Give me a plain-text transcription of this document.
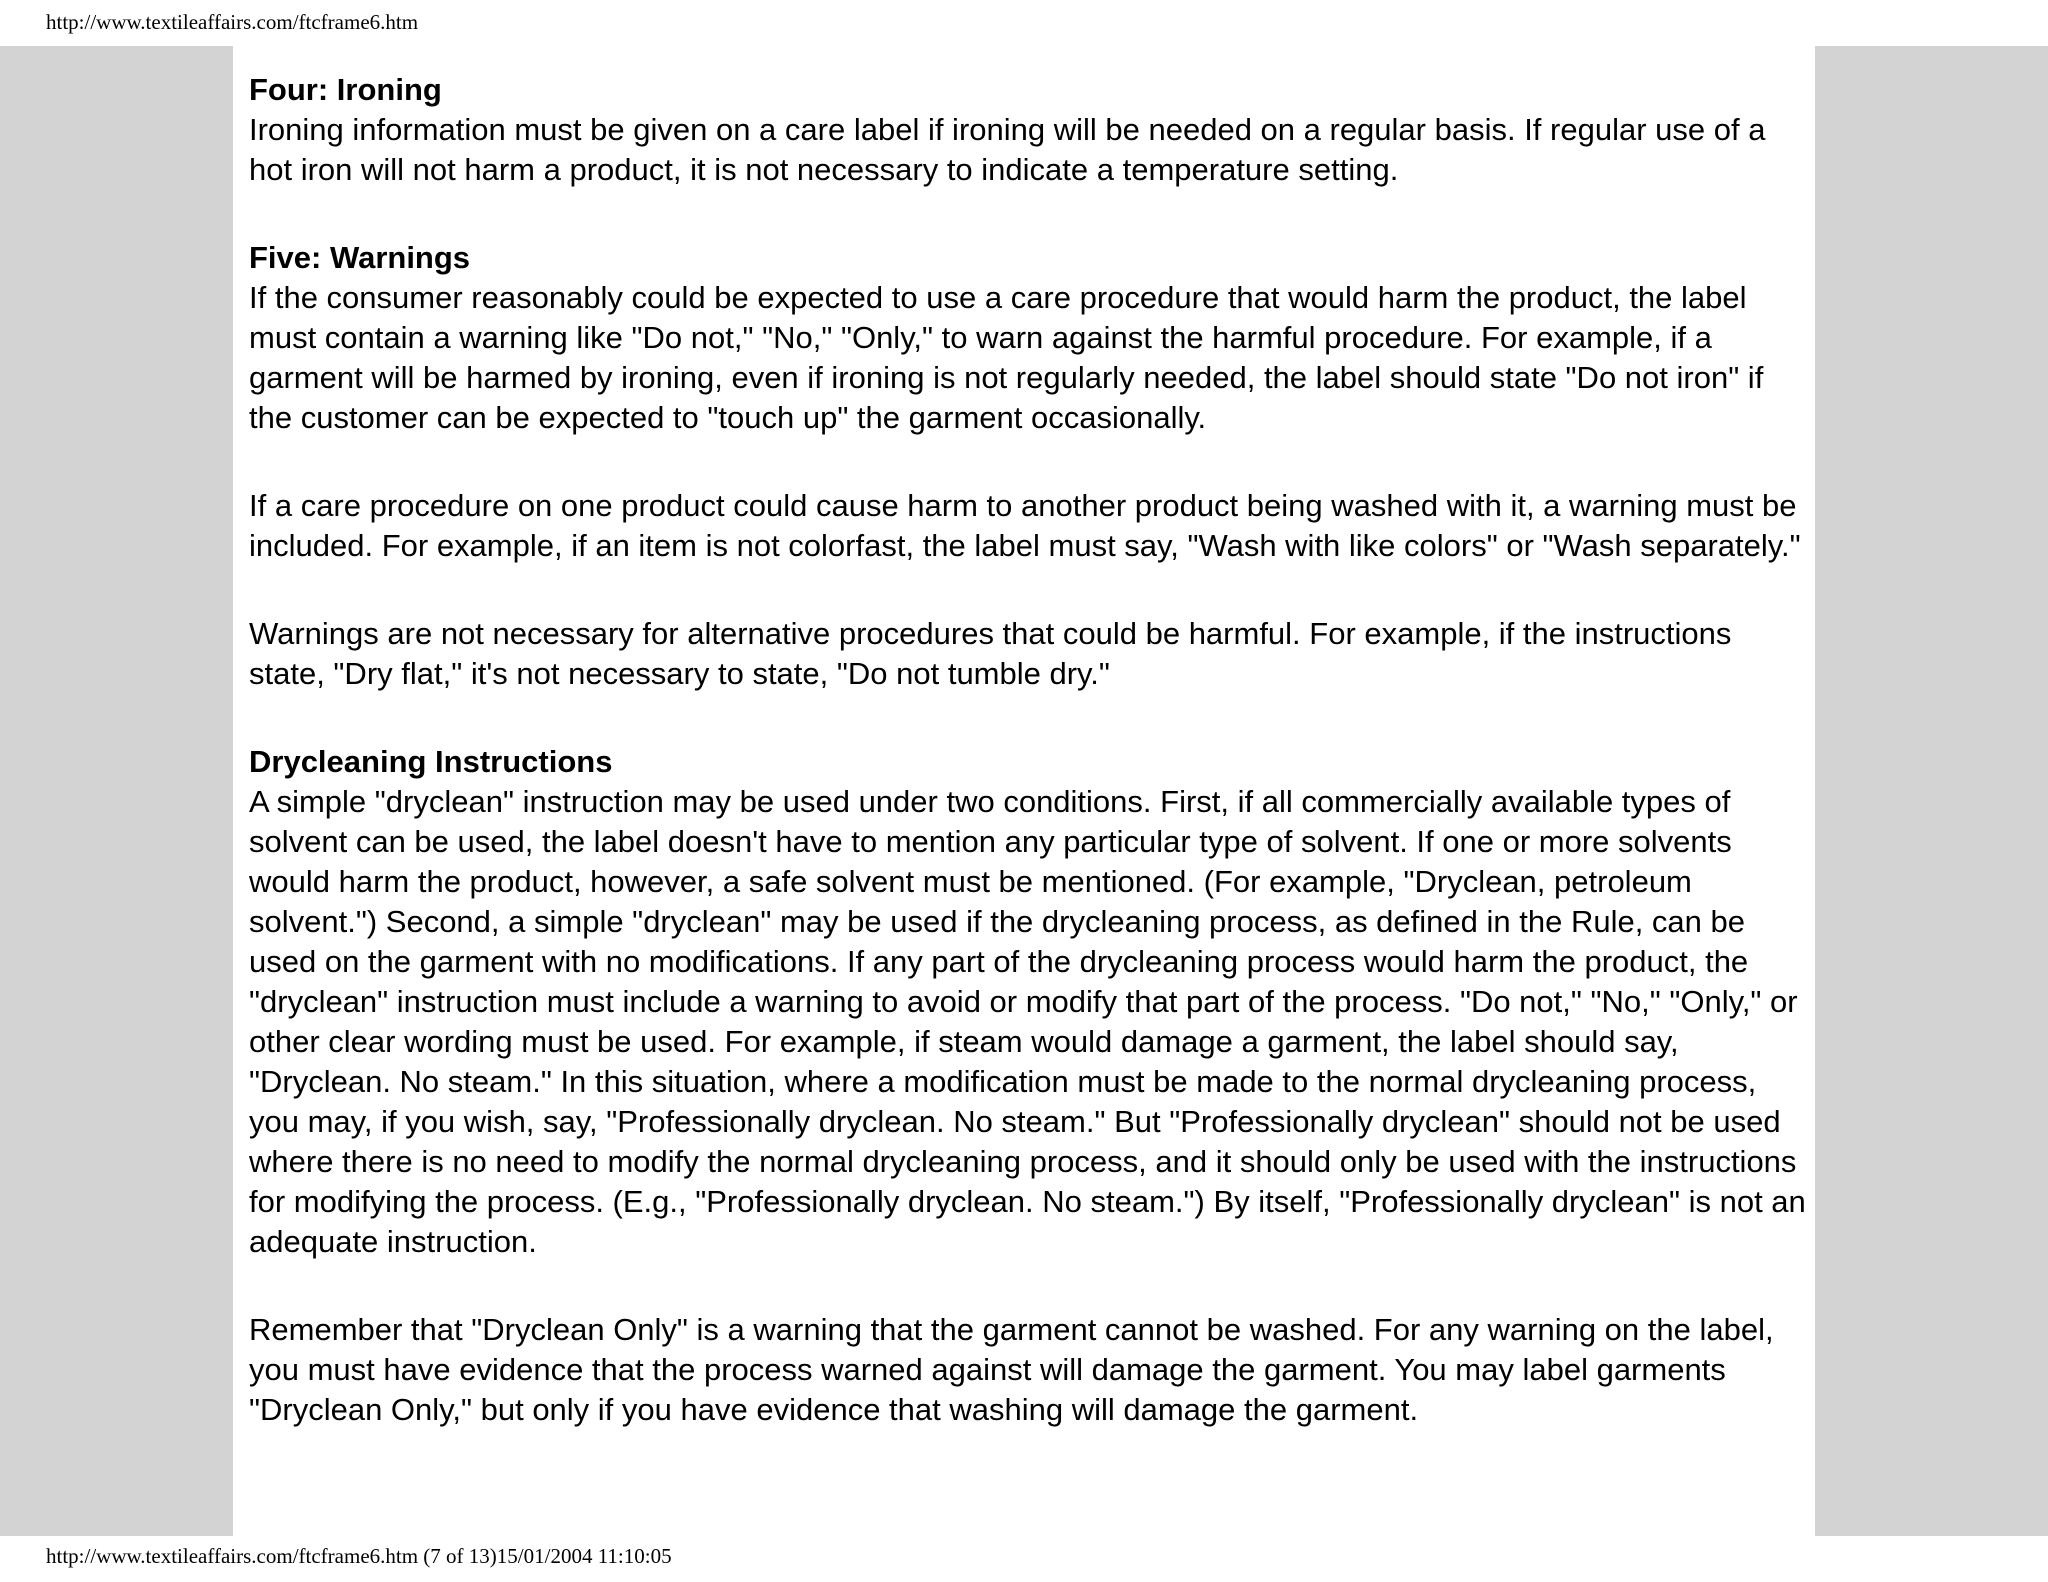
http://www.textileaffairs.com/ftcframe6.htm
Four: Ironing

Ironing information must be given on a care label if ironing will be needed on a regular basis. If regular use of a hot iron will not harm a product, it is not necessary to indicate a temperature setting.

Five: Warnings

If the consumer reasonably could be expected to use a care procedure that would harm the product, the label must contain a warning like "Do not," "No," "Only," to warn against the harmful procedure. For example, if a garment will be harmed by ironing, even if ironing is not regularly needed, the label should state "Do not iron" if the customer can be expected to "touch up" the garment occasionally.

If a care procedure on one product could cause harm to another product being washed with it, a warning must be included. For example, if an item is not colorfast, the label must say, "Wash with like colors" or "Wash separately."

Warnings are not necessary for alternative procedures that could be harmful. For example, if the instructions state, "Dry flat," it's not necessary to state, "Do not tumble dry."

Drycleaning Instructions

A simple "dryclean" instruction may be used under two conditions. First, if all commercially available types of solvent can be used, the label doesn't have to mention any particular type of solvent. If one or more solvents would harm the product, however, a safe solvent must be mentioned. (For example, "Dryclean, petroleum solvent.") Second, a simple "dryclean" may be used if the drycleaning process, as defined in the Rule, can be used on the garment with no modifications. If any part of the drycleaning process would harm the product, the "dryclean" instruction must include a warning to avoid or modify that part of the process. "Do not," "No," "Only," or other clear wording must be used. For example, if steam would damage a garment, the label should say, "Dryclean. No steam." In this situation, where a modification must be made to the normal drycleaning process, you may, if you wish, say, "Professionally dryclean. No steam." But "Professionally dryclean" should not be used where there is no need to modify the normal drycleaning process, and it should only be used with the instructions for modifying the process. (E.g., "Professionally dryclean. No steam.") By itself, "Professionally dryclean" is not an adequate instruction.

Remember that "Dryclean Only" is a warning that the garment cannot be washed. For any warning on the label, you must have evidence that the process warned against will damage the garment. You may label garments "Dryclean Only," but only if you have evidence that washing will damage the garment.

http://www.textileaffairs.com/ftcframe6.htm (7 of 13)15/01/2004 11:10:05
